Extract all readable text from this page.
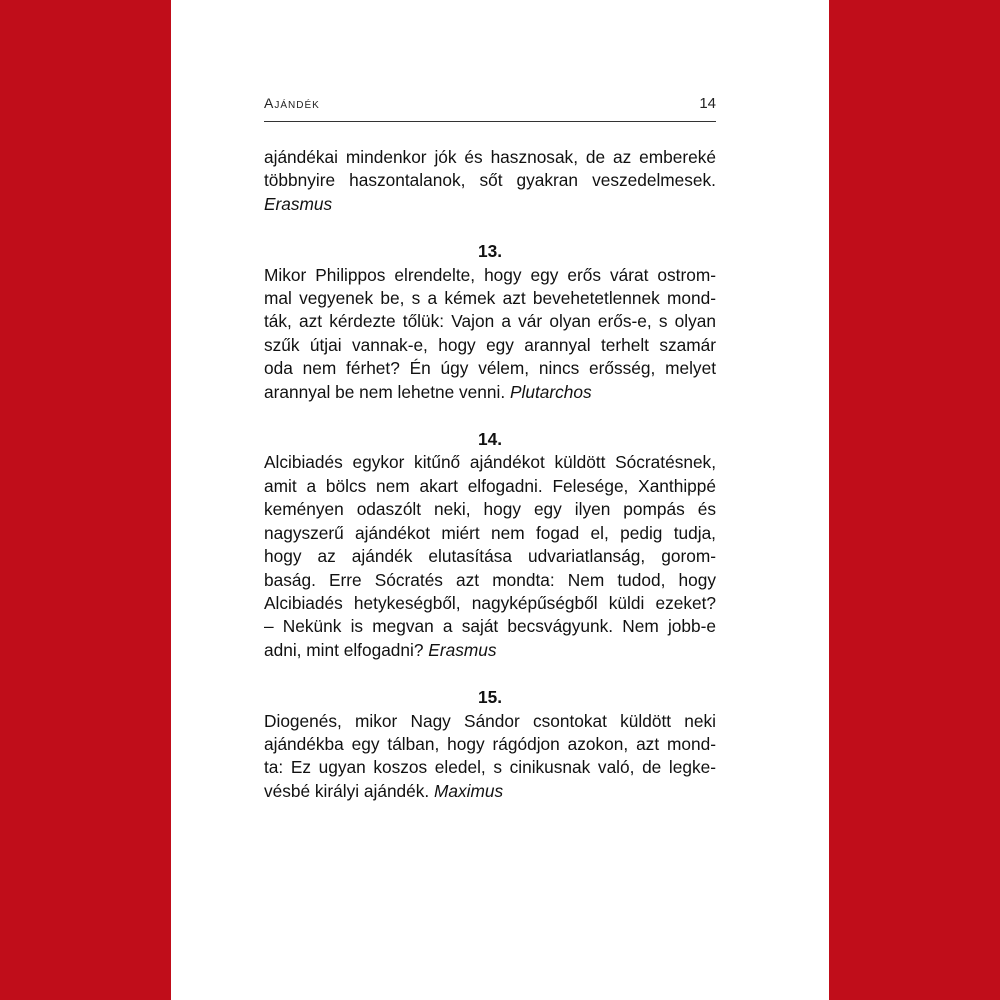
Ajándék	14
ajándékai mindenkor jók és hasznosak, de az embereké
többnyire haszontalanok, sőt gyakran veszedelmesek.
Erasmus
13.
Mikor Philippos elrendelte, hogy egy erős várat ostrom-
mal vegyenek be, s a kémek azt bevehetetlennek mond-
ták, azt kérdezte tőlük: Vajon a vár olyan erős-e, s olyan
szűk útjai vannak-e, hogy egy arannyal terhelt szamár
oda nem férhet? Én úgy vélem, nincs erősség, melyet
arannyal be nem lehetne venni. Plutarchos
14.
Alcibiadés egykor kitűnő ajándékot küldött Sócratésnek,
amit a bölcs nem akart elfogadni. Felesége, Xanthippé
keményen odaszólt neki, hogy egy ilyen pompás és
nagyszerű ajándékot miért nem fogad el, pedig tudja,
hogy az ajándék elutasítása udvariatlanság, gorom-
baság. Erre Sócratés azt mondta: Nem tudod, hogy
Alcibiadés hetykeségből, nagyképűségből küldi ezeket?
– Nekünk is megvan a saját becsvágyunk. Nem jobb-e
adni, mint elfogadni? Erasmus
15.
Diogenés, mikor Nagy Sándor csontokat küldött neki
ajándékba egy tálban, hogy rágódjon azokon, azt mond-
ta: Ez ugyan koszos eledel, s cinikusnak való, de legke-
vésbé királyi ajándék. Maximus
